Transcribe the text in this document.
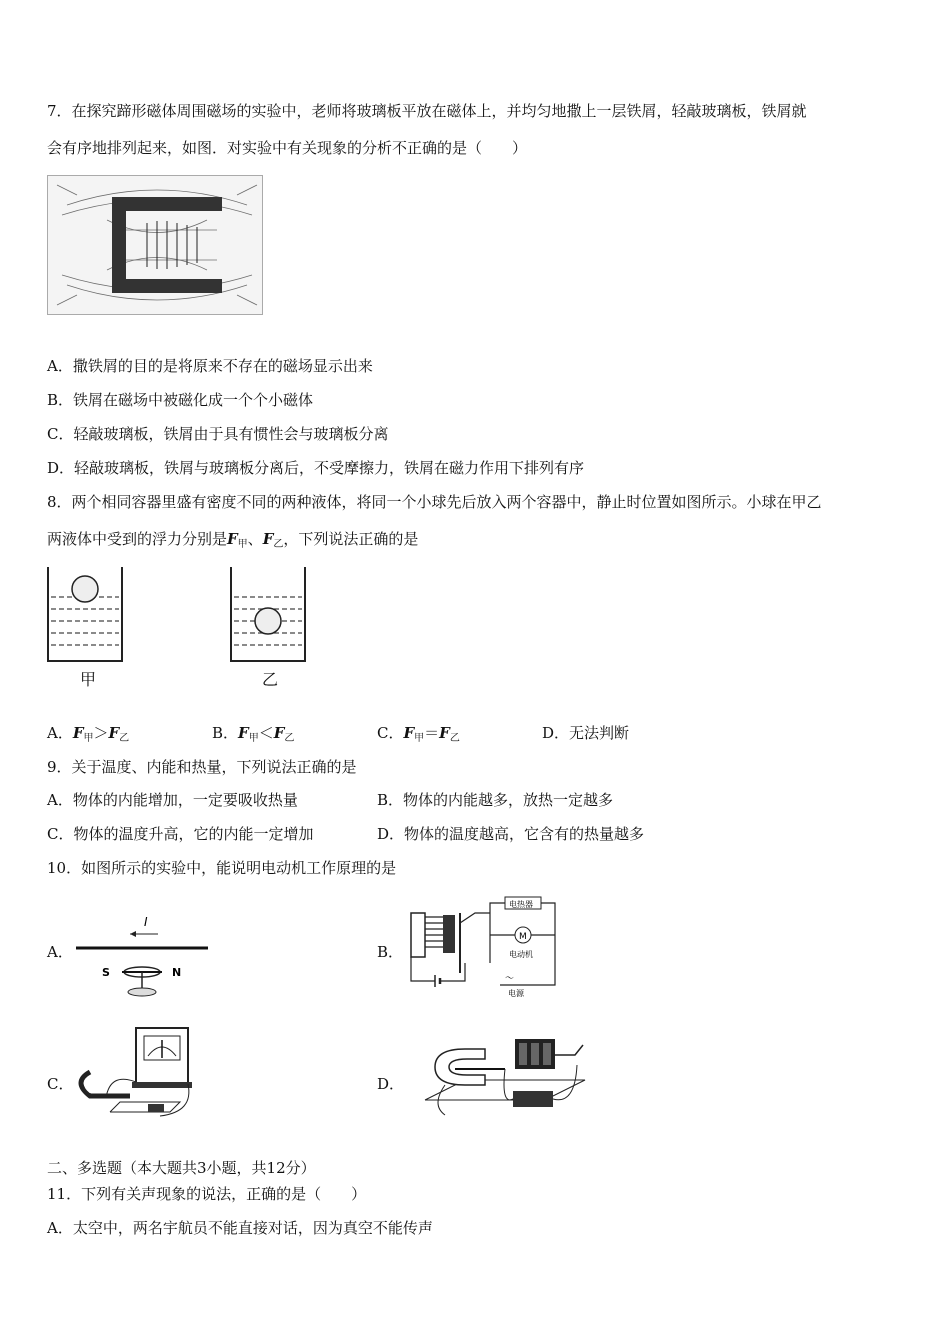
7．在探究蹄形磁体周围磁场的实验中，老师将玻璃板平放在磁体上，并均匀地撒上一层铁屑，轻敲玻璃板，铁屑就
会有序地排列起来，如图．对实验中有关现象的分析不正确的是（　　）
A．撒铁屑的目的是将原来不存在的磁场显示出来
B．铁屑在磁场中被磁化成一个个小磁体
C．轻敲玻璃板，铁屑由于具有惯性会与玻璃板分离
D．轻敲玻璃板，铁屑与玻璃板分离后，不受摩擦力，铁屑在磁力作用下排列有序
8．两个相同容器里盛有密度不同的两种液体，将同一个小球先后放入两个容器中，静止时位置如图所示。小球在甲乙
两液体中受到的浮力分别是$F_甲$、$F_乙$，下列说法正确的是
甲	乙
A．$F_甲>F_乙$	B．$F_甲<F_乙$	C．$F_甲=F_乙$	D．无法判断
9．关于温度、内能和热量，下列说法正确的是
A．物体的内能增加，一定要吸收热量	B．物体的内能越多，放热一定越多
C．物体的温度升高，它的内能一定增加	D．物体的温度越高，它含有的热量越多
10．如图所示的实验中，能说明电动机工作原理的是
A．
I
S	N
B．
电热器
M
电动机
～
电源
C．	D．
二、多选题（本大题共3小题，共12分）
11．下列有关声现象的说法，正确的是（　　）
A．太空中，两名宇航员不能直接对话，因为真空不能传声
